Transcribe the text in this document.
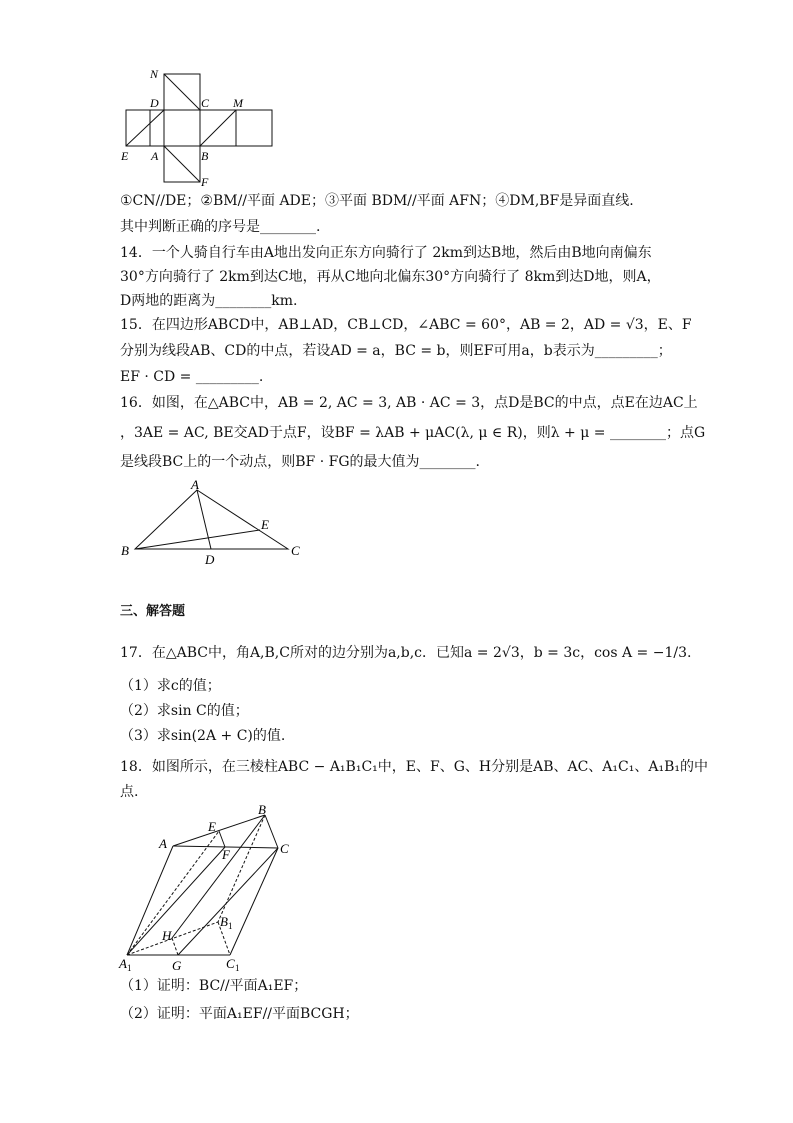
N
D	C M
E A	B
F
①CN//DE；②BM//平面 ADE；③平面 BDM//平面 AFN；④DM,BF是异面直线.
其中判断正确的序号是________.
14．一个人骑自行车由A地出发向正东方向骑行了 2km到达B地，然后由B地向南偏东
30°方向骑行了 2km到达C地，再从C地向北偏东30°方向骑行了 8km到达D地，则A，
D两地的距离为________km.
15．在四边形ABCD中，AB⊥AD，CB⊥CD，∠ABC = 60°，AB = 2，AD = √3，E、F
分别为线段AB、CD的中点，若设AD = a，BC = b，则EF可用a，b表示为_________；
EF · CD = _________.
16．如图，在△ABC中，AB = 2, AC = 3, AB · AC = 3，点D是BC的中点，点E在边AC上
，3AE = AC, BE交AD于点F，设BF = λAB + μAC(λ, μ ∈ R)，则λ + μ = ________；点G
是线段BC上的一个动点，则BF · FG的最大值为________.
A
B	C
D
E
三、解答题
17．在△ABC中，角A,B,C所对的边分别为a,b,c．已知a = 2√3，b = 3c，cos A = −1/3.
（1）求c的值；
（2）求sin C的值；
（3）求sin(2A + C)的值.
18．如图所示，在三棱柱ABC − A₁B₁C₁中，E、F、G、H分别是AB、AC、A₁C₁、A₁B₁的中
点.
A
B
C
E
F
H
G
A 1
B 1
C 1
（1）证明：BC//平面A₁EF；
（2）证明：平面A₁EF//平面BCGH；
